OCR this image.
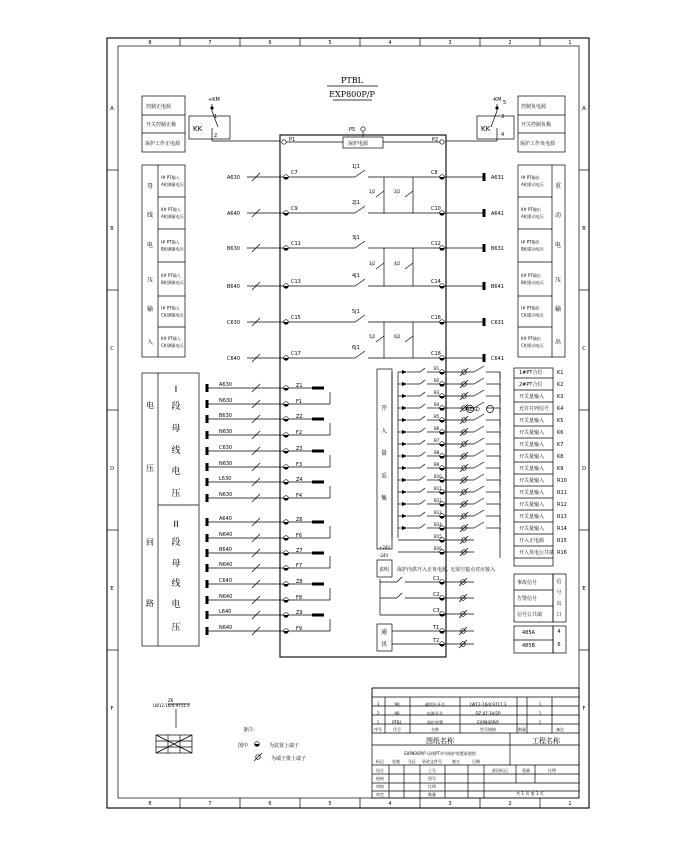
8
8
7
7
6
6
5
5
4
4
3
3
2
2
1
1
A	A
B	B
C	C
D	D
E	E
F	F
PTBL
EXP800P/P
+KM
1
2
KK
控制正电源
开关控制正极
保护工作正电源
-KM 5
3
4
KK
控制负电源
开关控制负极
保护工作负电源
P1	P2
P5
保护电源
母
线
电
压
输
入
重
动
电
压
输
出
I# PT输入
A相测量电压
II# PT输入
A相测量电压
I# PT输入
B相测量电压
II# PT输入
B相测量电压
I# PT输入
C相测量电压
II# PT输入
C相测量电压
I# PT输出
A相重动电压
II# PT输出
A相重动电压
I# PT输出
B相重动电压
II# PT输出
B相重动电压
I# PT输出
C相重动电压
II# PT输出
C相重动电压
A630
C7
1J1
C8
A631
A640
C9
2J1
C10
A641
B630
C11
3J1
C12
B631
B640
C13
4J1
C14
B641
C630
C15
5J1
C16
C631
C640
C17
6J1
C18
C641
1J2	2J2
3J2	4J2
5J2	6J2
电
压
回
路
I
段
母
线
电
压
II
段
母
线
电
压
A630	Z1
N630	F1
B630	Z2
N630	F2
C630	Z3
N630	F3
L630	Z4
N630	F4
A640	Z6
N640	F6
B640	Z7
N640	F7
C640	Z8
N640	F8
L640	Z9
N640	F9
4ZKD
+24V
-24V
说明 保护内供开入正负电源, 无需空接点对应接入
开
入
量
采
集
B1
1#PT合位	K1
B2
2#PT合位	K2
B3
开关量输入	K3
B4
允许并列信号 K4
B5
开关量输入	K5
B6
开关量输入	K6
B7
开关量输入	K7
B8
开关量输入	K8
B9
开关量输入	K9
B10
开关量输入	R10
B11
开关量输入	R11
B12
开关量输入	R12
B13
开关量输入	R13
B14
开关量输入	R14
B15
开入正电源	R15
B16
开入负电公共端 R16
C1
事故信号
C2
告警信号
C3
信号公共端
信
号
出
口
通
讯
T1
485A	4
T2
485B	6
Z6
LW12-16/4.9711.3
备注:
图中	为装置上端子
为端子排上端子
3	90	避雷针开关	LW12-16/4.9711.3	1
2	90	电源开关	DZ 47 3A/2P	1
1	PTBL	保护装置	EXP800P/P	1
序号	代号	名称	型号规格	数量	备注
图纸名称	工程名称
EXP800P/P 母线PT并列保护装置原理图
标记 处数 分区 更改文件号	签名	日期
设计
校核
审核
审定
工号
图号
比例
数量
阶段标记	重量	比例
共 1 页 第 1 页
